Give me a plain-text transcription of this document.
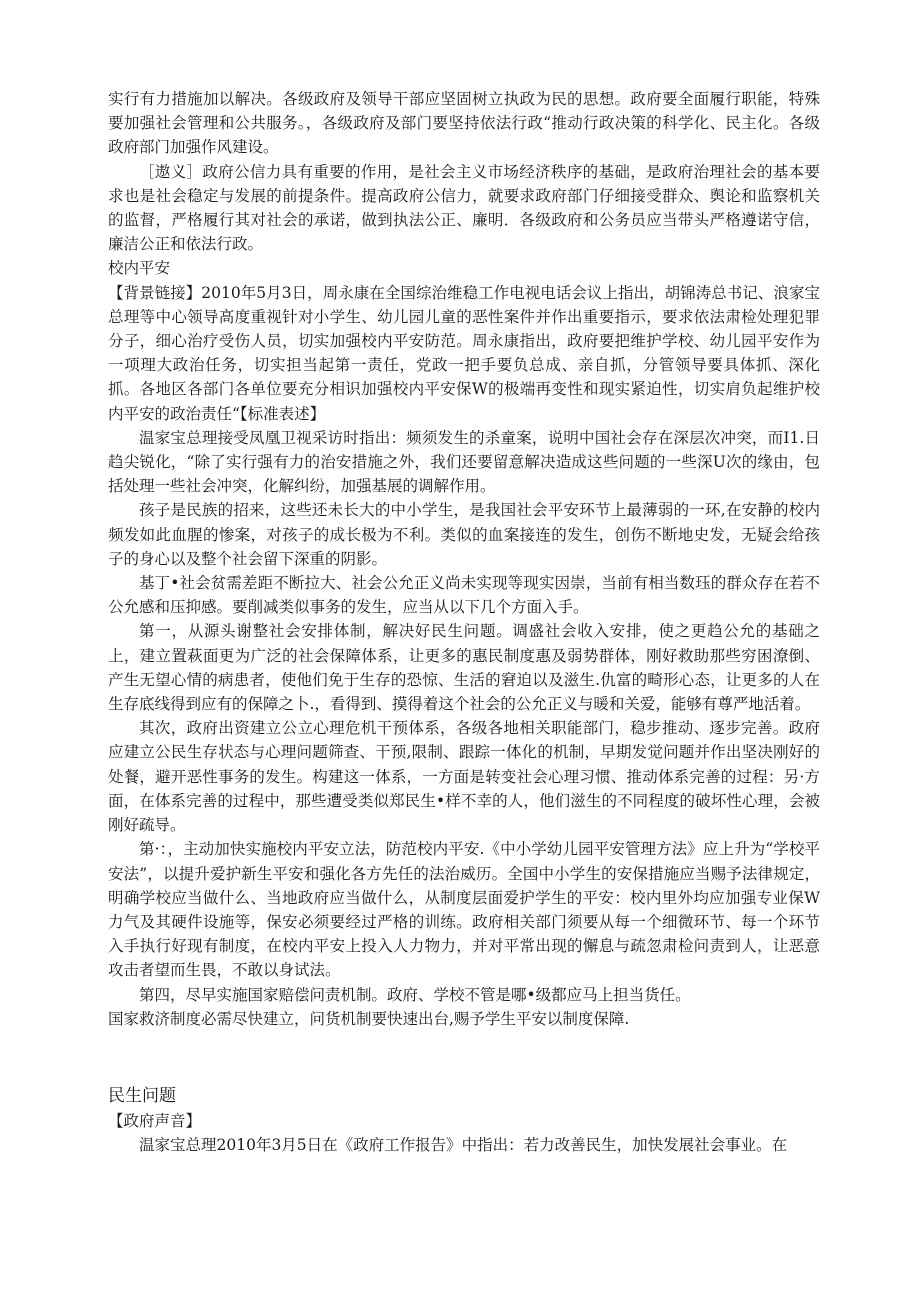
实行有力措施加以解决。各级政府及领导干部应坚固树立执政为民的思想。政府要全面履行职能，特殊要加强社会管理和公共服务。，各级政府及部门要坚持依法行政“推动行政决策的科学化、民主化。各级政府部门加强作风建设。

［遨义］政府公信力具有重要的作用，是社会主义市场经济秩序的基础，是政府治理社会的基本要求也是社会稳定与发展的前提条件。提高政府公信力，就要求政府部门仔细接受群众、舆论和监察机关的监督，严格履行其对社会的承诺，做到执法公正、廉明．各级政府和公务员应当带头严格遵诺守信，廉洁公正和依法行政。

校内平安

【背景链接】2010年5月3日，周永康在全国综治维稳工作电视电话会议上指出，胡锦涛总书记、浪家宝总理等中心领导高度重视针对小学生、幼儿园儿童的恶性案件并作出重要指示，要求依法肃检处理犯罪分子，细心治疗受伤人员，切实加强校内平安防范。周永康指出，政府要把维护学校、幼儿园平安作为一项理大政治任务，切实担当起第一责任，党政一把手要负总成、亲自抓，分管领导要具体抓、深化抓。各地区各部门各单位要充分相识加强校内平安保W的极端再变性和现实紧迫性，切实肩负起维护校内平安的政治责任“【标准表述】

温家宝总理接受凤凰卫视采访时指出：频须发生的杀童案，说明中国社会存在深层次冲突，而I1.日趋尖锐化，“除了实行强有力的治安措施之外，我们还要留意解决造成这些问题的一些深U次的缘由，包括处理一些社会冲突，化解纠纷，加强基展的调解作用。

孩子是民族的招来，这些还未长大的中小学生，是我国社会平安环节上最薄弱的一环,在安静的校内频发如此血腥的惨案，对孩子的成长极为不利。类似的血案接连的发生，创伤不断地史发，无疑会给孩子的身心以及整个社会留下深重的阴影。

基丁•社会贫需差距不断拉大、社会公允正义尚未实现等现实因崇，当前有相当数珏的群众存在若不公允感和压抑感。要削减类似事务的发生，应当从以下几个方面入手。

第一，从源头谢整社会安排体制，解决好民生问题。调盛社会收入安排，使之更趋公允的基础之上，建立置萩面更为广泛的社会保障体系，让更多的惠民制度惠及弱势群体，刚好救助那些穷困潦倒、产生无望心情的病患者，使他们免于生存的恐惊、生活的窘迫以及滋生.仇富的畸形心态，让更多的人在生存底线得到应有的保障之卜.，看得到、摸得着这个社会的公允正义与暖和关爱，能够有尊严地活着。

其次，政府出资建立公立心理危机干预体系，各级各地相关职能部门，稳步推动、逐步完善。政府应建立公民生存状态与心理问题筛查、干预,限制、跟踪一体化的机制，早期发觉问题并作出坚决刚好的处餐，避开恶性事务的发生。构建这一体系，一方面是转变社会心理习惯、推动体系完善的过程：另·方面，在体系完善的过程中，那些遭受类似郑民生•样不幸的人，他们滋生的不同程度的破坏性心理，会被刚好疏导。

第·：，主动加快实施校内平安立法，防范校内平安.《中小学幼儿园平安管理方法》应上升为“学校平安法”，以提升爱护新生平安和强化各方先任的法治威历。全国中小学生的安保措施应当赐予法律规定，明确学校应当做什么、当地政府应当做什么，从制度层面爱护学生的平安：校内里外均应加强专业保W力气及其硬件设施等，保安必须要经过严格的训练。政府相关部门须要从每一个细微环节、每一个环节入手执行好现有制度，在校内平安上投入人力物力，并对平常出现的懈息与疏忽肃检问责到人，让恶意攻击者望而生畏，不敢以身试法。

第四，尽早实施国家赔偿问责机制。政府、学校不管是哪•级都应马上担当货任。

国家救济制度必需尽快建立，问货机制要快速出台,赐予学生平安以制度保障.

民生问题

【政府声音】

温家宝总理2010年3月5日在《政府工作报告》中指出：若力改善民生，加快发展社会事业。在
